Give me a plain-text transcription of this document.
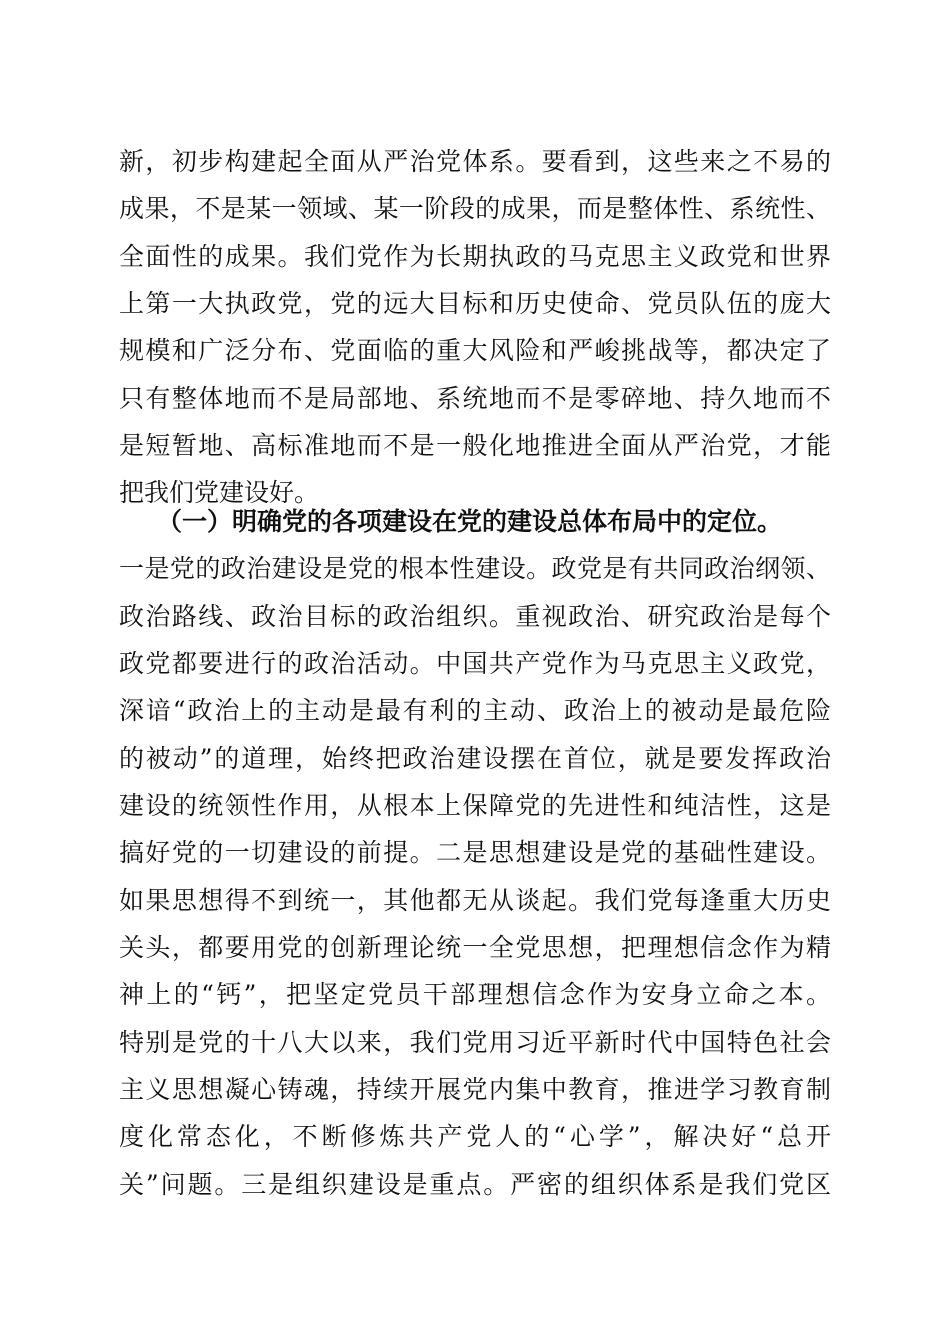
新，初步构建起全面从严治党体系。要看到，这些来之不易的
成果，不是某一领域、某一阶段的成果，而是整体性、系统性、
全面性的成果。我们党作为长期执政的马克思主义政党和世界
上第一大执政党，党的远大目标和历史使命、党员队伍的庞大
规模和广泛分布、党面临的重大风险和严峻挑战等，都决定了
只有整体地而不是局部地、系统地而不是零碎地、持久地而不
是短暂地、高标准地而不是一般化地推进全面从严治党，才能
把我们党建设好。
（一）明确党的各项建设在党的建设总体布局中的定位。
一是党的政治建设是党的根本性建设。政党是有共同政治纲领、
政治路线、政治目标的政治组织。重视政治、研究政治是每个
政党都要进行的政治活动。中国共产党作为马克思主义政党，
深谙“政治上的主动是最有利的主动、政治上的被动是最危险
的被动”的道理，始终把政治建设摆在首位，就是要发挥政治
建设的统领性作用，从根本上保障党的先进性和纯洁性，这是
搞好党的一切建设的前提。二是思想建设是党的基础性建设。
如果思想得不到统一，其他都无从谈起。我们党每逢重大历史
关头，都要用党的创新理论统一全党思想，把理想信念作为精
神上的“钙”，把坚定党员干部理想信念作为安身立命之本。
特别是党的十八大以来，我们党用习近平新时代中国特色社会
主义思想凝心铸魂，持续开展党内集中教育，推进学习教育制
度化常态化，不断修炼共产党人的“心学”，解决好“总开
关”问题。三是组织建设是重点。严密的组织体系是我们党区
